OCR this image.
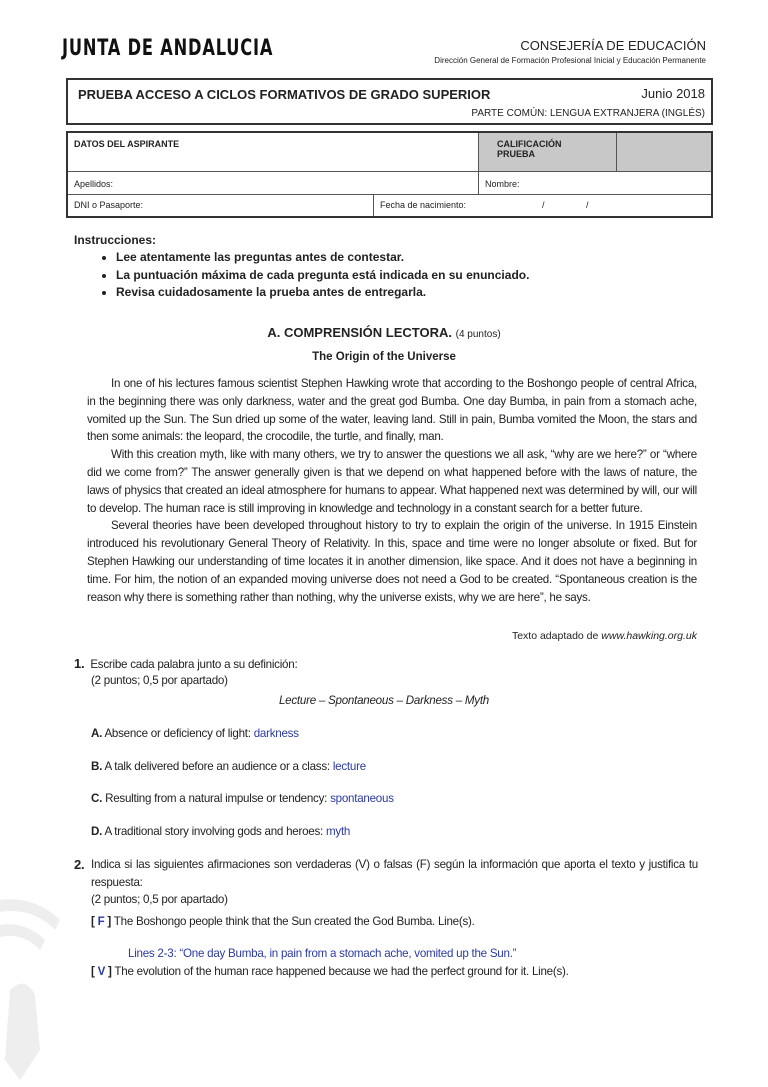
JUNTA DE ANDALUCIA	CONSEJERÍA DE EDUCACIÓN
Dirección General de Formación Profesional Inicial y Educación Permanente
PRUEBA ACCESO A CICLOS FORMATIVOS DE GRADO SUPERIOR	Junio 2018
PARTE COMÚN: LENGUA EXTRANJERA (INGLÉS)
DATOS DEL ASPIRANTE	CALIFICACIÓN PRUEBA
Apellidos:	Nombre:
DNI o Pasaporte:	Fecha de nacimiento:	/	/
Instrucciones:
• Lee atentamente las preguntas antes de contestar.
• La puntuación máxima de cada pregunta está indicada en su enunciado.
• Revisa cuidadosamente la prueba antes de entregarla.
A. COMPRENSIÓN LECTORA. (4 puntos)
The Origin of the Universe

In one of his lectures famous scientist Stephen Hawking wrote that according to the Boshongo people of central Africa, in the beginning there was only darkness, water and the great god Bumba. One day Bumba, in pain from a stomach ache, vomited up the Sun. The Sun dried up some of the water, leaving land. Still in pain, Bumba vomited the Moon, the stars and then some animals: the leopard, the crocodile, the turtle, and finally, man.

With this creation myth, like with many others, we try to answer the questions we all ask, “why are we here?” or “where did we come from?” The answer generally given is that we depend on what happened before with the laws of nature, the laws of physics that created an ideal atmosphere for humans to appear. What happened next was determined by will, our will to develop. The human race is still improving in knowledge and technology in a constant search for a better future.

Several theories have been developed throughout history to try to explain the origin of the universe. In 1915 Einstein introduced his revolutionary General Theory of Relativity. In this, space and time were no longer absolute or fixed. But for Stephen Hawking our understanding of time locates it in another dimension, like space. And it does not have a beginning in time. For him, the notion of an expanded moving universe does not need a God to be created. “Spontaneous creation is the reason why there is something rather than nothing, why the universe exists, why we are here”, he says.

Texto adaptado de www.hawking.org.uk
1. Escribe cada palabra junto a su definición:
(2 puntos; 0,5 por apartado)
Lecture – Spontaneous – Darkness – Myth
A. Absence or deficiency of light: darkness
B. A talk delivered before an audience or a class: lecture
C. Resulting from a natural impulse or tendency: spontaneous
D. A traditional story involving gods and heroes: myth
2. Indica si las siguientes afirmaciones son verdaderas (V) o falsas (F) según la información que aporta el texto y justifica tu respuesta:
(2 puntos; 0,5 por apartado)
[ F ] The Boshongo people think that the Sun created the God Bumba. Line(s).
Lines 2-3: “One day Bumba, in pain from a stomach ache, vomited up the Sun.”
[ V ] The evolution of the human race happened because we had the perfect ground for it. Line(s).
